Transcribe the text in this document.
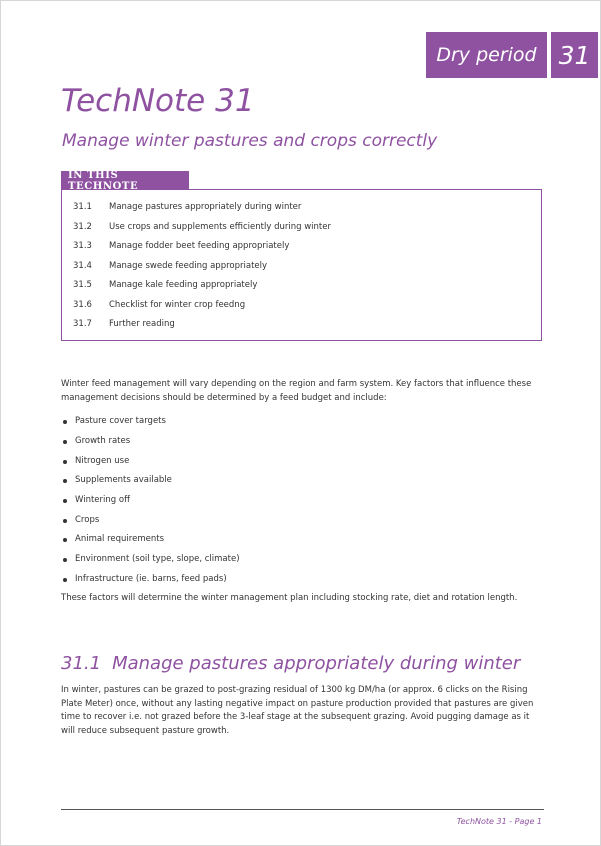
Dry period 31
TechNote 31
Manage winter pastures and crops correctly
IN THIS TECHNOTE
31.1 Manage pastures appropriately during winter
31.2 Use crops and supplements efficiently during winter
31.3 Manage fodder beet feeding appropriately
31.4 Manage swede feeding appropriately
31.5 Manage kale feeding appropriately
31.6 Checklist for winter crop feedng
31.7 Further reading

Winter feed management will vary depending on the region and farm system. Key factors that influence these management decisions should be determined by a feed budget and include:

Pasture cover targets
Growth rates
Nitrogen use
Supplements available
Wintering off
Crops
Animal requirements
Environment (soil type, slope, climate)
Infrastructure (ie. barns, feed pads)

These factors will determine the winter management plan including stocking rate, diet and rotation length.

31.1 Manage pastures appropriately during winter

In winter, pastures can be grazed to post-grazing residual of 1300 kg DM/ha (or approx. 6 clicks on the Rising Plate Meter) once, without any lasting negative impact on pasture production provided that pastures are given time to recover i.e. not grazed before the 3-leaf stage at the subsequent grazing. Avoid pugging damage as it will reduce subsequent pasture growth.

TechNote 31 - Page 1
